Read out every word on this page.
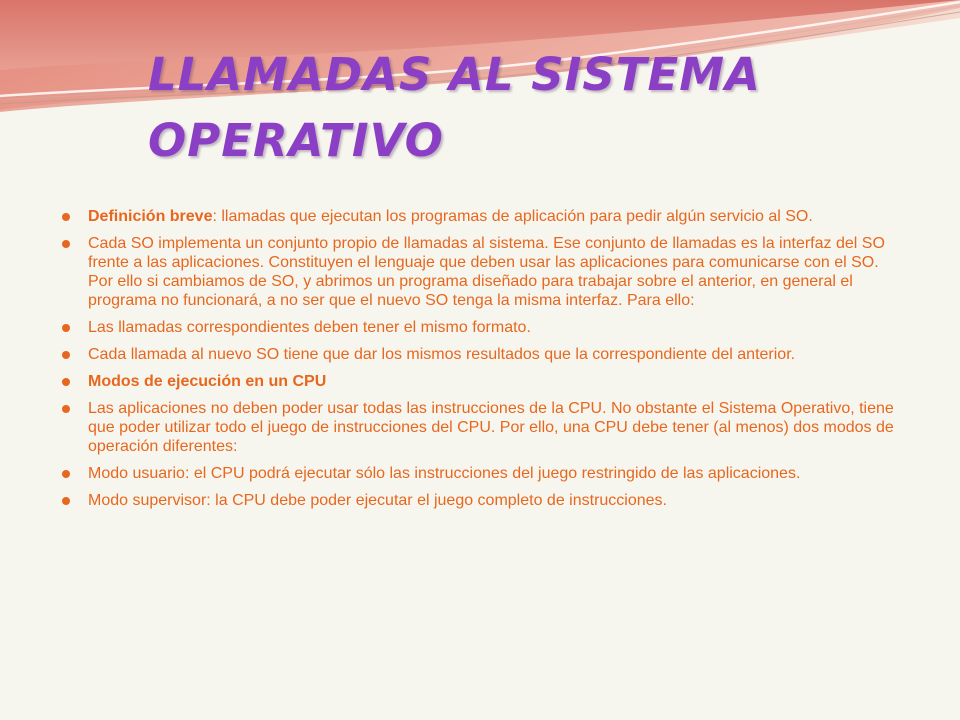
LLAMADAS AL SISTEMA
OPERATIVO
Definición breve: llamadas que ejecutan los programas de aplicación para pedir algún servicio al SO.
Cada SO implementa un conjunto propio de llamadas al sistema. Ese conjunto de llamadas es la interfaz del SO frente a las aplicaciones. Constituyen el lenguaje que deben usar las aplicaciones para comunicarse con el SO. Por ello si cambiamos de SO, y abrimos un programa diseñado para trabajar sobre el anterior, en general el programa no funcionará, a no ser que el nuevo SO tenga la misma interfaz. Para ello:
Las llamadas correspondientes deben tener el mismo formato.
Cada llamada al nuevo SO tiene que dar los mismos resultados que la correspondiente del anterior.
Modos de ejecución en un CPU
Las aplicaciones no deben poder usar todas las instrucciones de la CPU. No obstante el Sistema Operativo, tiene que poder utilizar todo el juego de instrucciones del CPU. Por ello, una CPU debe tener (al menos) dos modos de operación diferentes:
Modo usuario: el CPU podrá ejecutar sólo las instrucciones del juego restringido de las aplicaciones.
Modo supervisor: la CPU debe poder ejecutar el juego completo de instrucciones.
